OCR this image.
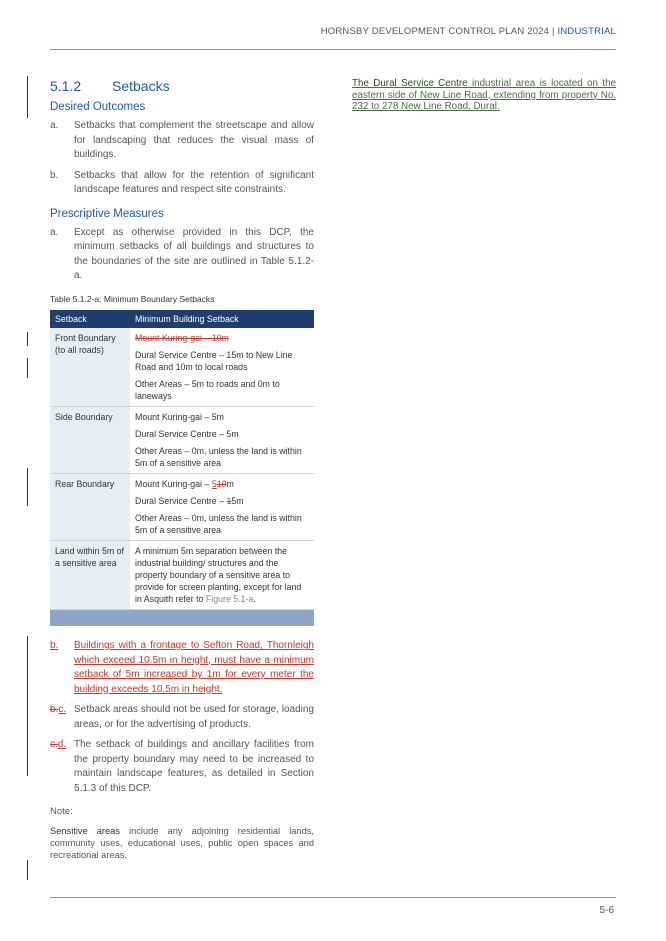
HORNSBY DEVELOPMENT CONTROL PLAN 2024 | INDUSTRIAL
5.1.2	Setbacks
Desired Outcomes
a.	Setbacks that complement the streetscape and allow for landscaping that reduces the visual mass of buildings.
b.	Setbacks that allow for the retention of significant landscape features and respect site constraints.
Prescriptive Measures
a.	Except as otherwise provided in this DCP, the minimum setbacks of all buildings and structures to the boundaries of the site are outlined in Table 5.1.2-a.
Table 5.1.2-a: Minimum Boundary Setbacks
Setback	Minimum Building Setback
Front Boundary (to all roads)	Mount Kuring-gai – 10m

Dural Service Centre – 15m to New Line Road and 10m to local roads

Other Areas – 5m to roads and 0m to laneways

Side Boundary	Mount Kuring-gai – 5m

Dural Service Centre – 5m

Other Areas – 0m, unless the land is within 5m of a sensitive area

Rear Boundary	Mount Kuring-gai – 510m

Dural Service Centre – 15m

Other Areas – 0m, unless the land is within 5m of a sensitive area

Land within 5m of a sensitive area	A minimum 5m separation between the industrial building/ structures and the property boundary of a sensitive area to provide for screen planting, except for land in Asquith refer to Figure 5.1-a.

b.	Buildings with a frontage to Sefton Road, Thornleigh which exceed 10.5m in height, must have a minimum setback of 5m increased by 1m for every meter the building exceeds 10.5m in height.
b.c. Setback areas should not be used for storage, loading areas, or for the advertising of products.
c.d. The setback of buildings and ancillary facilities from the property boundary may need to be increased to maintain landscape features, as detailed in Section 5.1.3 of this DCP.
Note:

Sensitive areas include any adjoining residential lands, community uses, educational uses, public open spaces and recreational areas.

The Dural Service Centre industrial area is located on the eastern side of New Line Road, extending from property No. 232 to 278 New Line Road, Dural.

5-6
